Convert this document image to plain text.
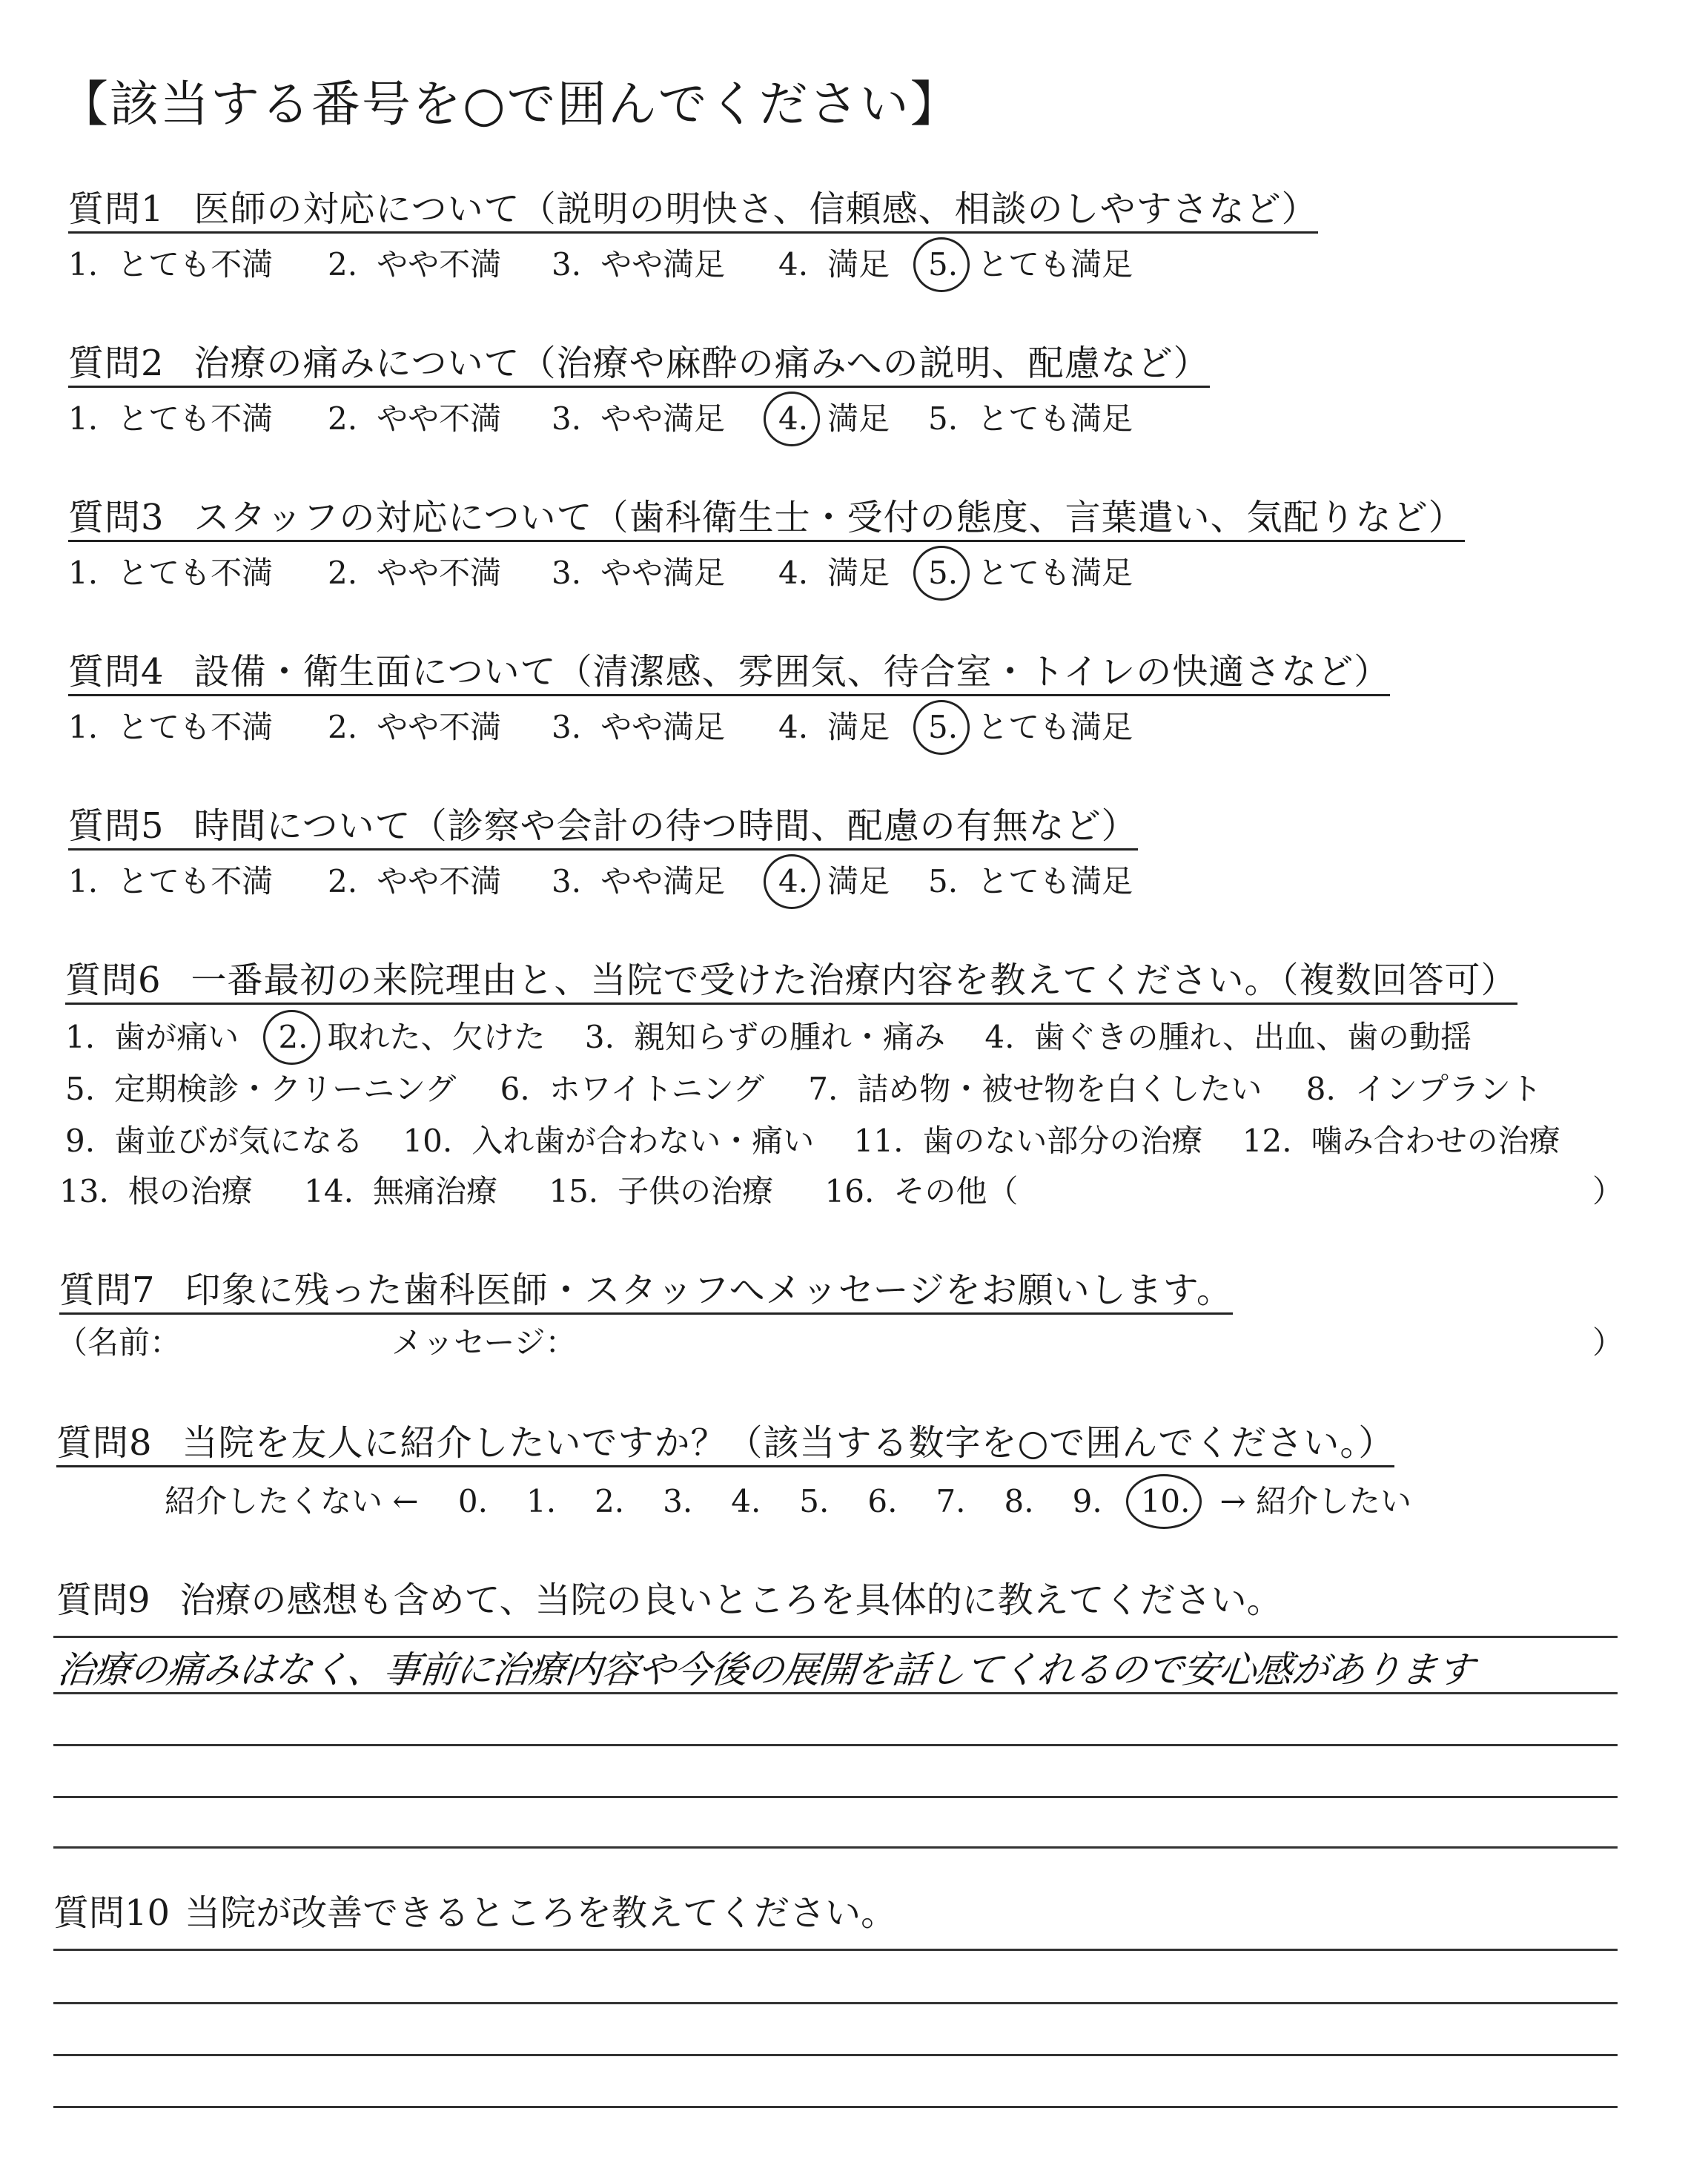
【該当する番号を○で囲んでください】
質問1 医師の対応について（説明の明快さ、信頼感、相談のしやすさなど）
1. とても不満 2. やや不満 3. やや満足 4. 満足 5. とても満足
質問2 治療の痛みについて（治療や麻酔の痛みへの説明、配慮など）
1. とても不満 2. やや不満 3. やや満足 4. 満足 5. とても満足
質問3 スタッフの対応について（歯科衛生士・受付の態度、言葉遣い、気配りなど）
1. とても不満 2. やや不満 3. やや満足 4. 満足 5. とても満足
質問4 設備・衛生面について（清潔感、雰囲気、待合室・トイレの快適さなど）
1. とても不満 2. やや不満 3. やや満足 4. 満足 5. とても満足
質問5 時間について（診察や会計の待つ時間、配慮の有無など）
1. とても不満 2. やや不満 3. やや満足 4. 満足 5. とても満足
質問6 一番最初の来院理由と、当院で受けた治療内容を教えてください。（複数回答可）
1. 歯が痛い 2. 取れた、欠けた 3. 親知らずの腫れ・痛み 4. 歯ぐきの腫れ、出血、歯の動揺
5. 定期検診・クリーニング 6. ホワイトニング 7. 詰め物・被せ物を白くしたい 8. インプラント
9. 歯並びが気になる 10. 入れ歯が合わない・痛い 11. 歯のない部分の治療 12. 噛み合わせの治療
13. 根の治療 14. 無痛治療 15. 子供の治療 16. その他（	）
質問7 印象に残った歯科医師・スタッフへメッセージをお願いします。
（名前：	メッセージ：	）
質問8 当院を友人に紹介したいですか？（該当する数字を○で囲んでください。）
紹介したくない ← 0. 1. 2. 3. 4. 5. 6. 7. 8. 9. 10. → 紹介したい
質問9 治療の感想も含めて、当院の良いところを具体的に教えてください。
治療の痛みはなく、事前に治療内容や今後の展開を話してくれるので安心感があります
質問10 当院が改善できるところを教えてください。
